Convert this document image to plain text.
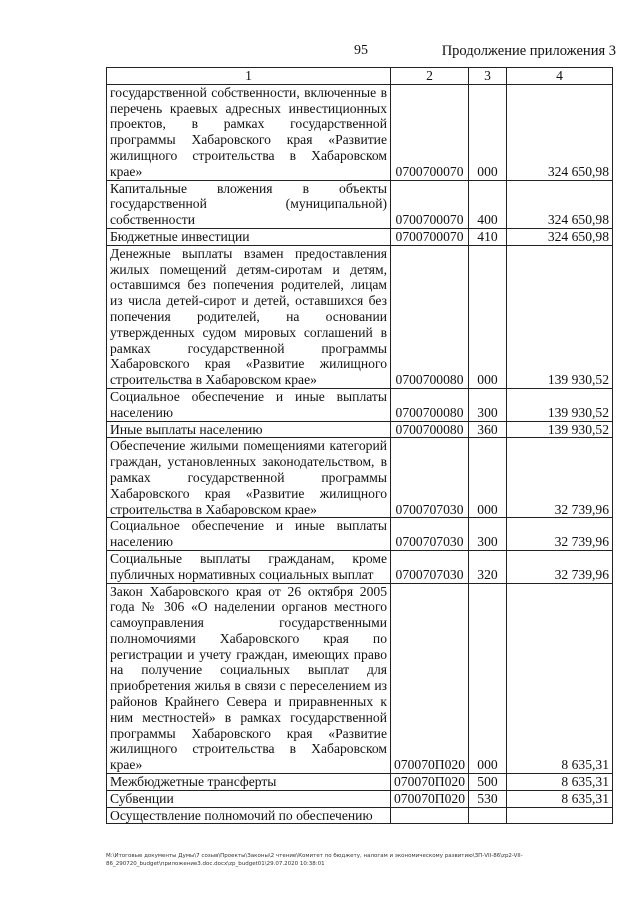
95	Продолжение приложения 3
1	2	3	4
государственной собственности, включенные в перечень краевых адресных инвестиционных проектов, в рамках государственной программы Хабаровского края «Развитие жилищного строительства в Хабаровском крае»	0700700070	000	324 650,98
Капитальные вложения в объекты государственной (муниципальной) собственности	0700700070	400	324 650,98
Бюджетные инвестиции	0700700070	410	324 650,98
Денежные выплаты взамен предоставления жилых помещений детям-сиротам и детям, оставшимся без попечения родителей, лицам из числа детей-сирот и детей, оставшихся без попечения родителей, на основании утвержденных судом мировых соглашений в рамках государственной программы Хабаровского края «Развитие жилищного строительства в Хабаровском крае»	0700700080	000	139 930,52
Социальное обеспечение и иные выплаты населению	0700700080	300	139 930,52
Иные выплаты населению	0700700080	360	139 930,52
Обеспечение жилыми помещениями категорий граждан, установленных законодательством, в рамках государственной программы Хабаровского края «Развитие жилищного строительства в Хабаровском крае»	0700707030	000	32 739,96
Социальное обеспечение и иные выплаты населению	0700707030	300	32 739,96
Социальные выплаты гражданам, кроме публичных нормативных социальных выплат	0700707030	320	32 739,96
Закон Хабаровского края от 26 октября 2005 года № 306 «О наделении органов местного самоуправления государственными полномочиями Хабаровского края по регистрации и учету граждан, имеющих право на получение социальных выплат для приобретения жилья в связи с переселением из районов Крайнего Севера и приравненных к ним местностей» в рамках государственной программы Хабаровского края «Развитие жилищного строительства в Хабаровском крае»	070070П020	000	8 635,31
Межбюджетные трансферты	070070П020	500	8 635,31
Субвенции	070070П020	530	8 635,31
Осуществление полномочий по обеспечению			
M:\Итоговые документы Думы\7 созыв\Проекты\Законы\2 чтение\Комитет по бюджету, налогам и экономическому развитию\ЗП-VII-86\zp2-VII-86_290720_budget\приложение3.doc.docx\zp_budget01\29.07.2020 10:38:01
